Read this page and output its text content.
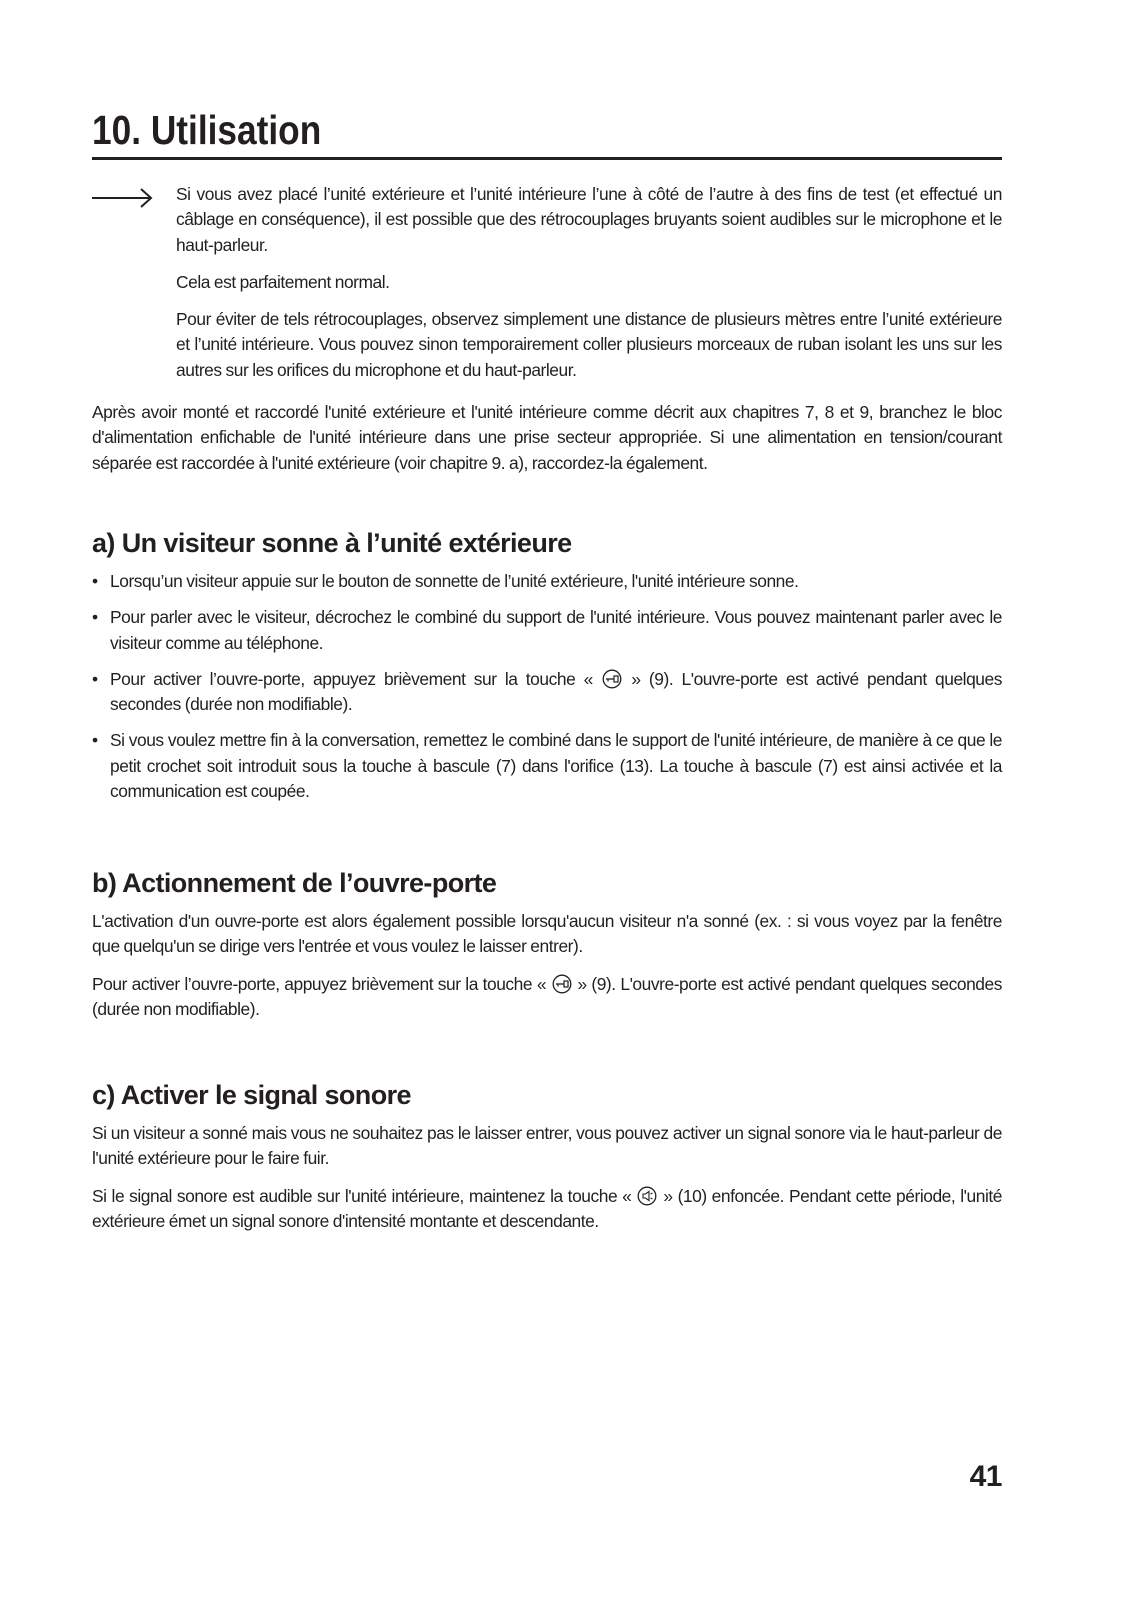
10. Utilisation

Si vous avez placé l’unité extérieure et l’unité intérieure l’une à côté de l’autre à des fins de test (et effectué un câblage en conséquence), il est possible que des rétrocouplages bruyants soient audibles sur le microphone et le haut-parleur.

Cela est parfaitement normal.

Pour éviter de tels rétrocouplages, observez simplement une distance de plusieurs mètres entre l’unité extérieure et l’unité intérieure. Vous pouvez sinon temporairement coller plusieurs morceaux de ruban isolant les uns sur les autres sur les orifices du microphone et du haut-parleur.

Après avoir monté et raccordé l'unité extérieure et l'unité intérieure comme décrit aux chapitres 7, 8 et 9, branchez le bloc d'alimentation enfichable de l'unité intérieure dans une prise secteur appropriée. Si une alimentation en tension/courant séparée est raccordée à l'unité extérieure (voir chapitre 9. a), raccordez-la également.

a) Un visiteur sonne à l’unité extérieure
• Lorsqu’un visiteur appuie sur le bouton de sonnette de l’unité extérieure, l'unité intérieure sonne.
• Pour parler avec le visiteur, décrochez le combiné du support de l'unité intérieure. Vous pouvez maintenant parler avec le visiteur comme au téléphone.
• Pour activer l’ouvre-porte, appuyez brièvement sur la touche « » (9). L'ouvre-porte est activé pendant quelques secondes (durée non modifiable).
• Si vous voulez mettre fin à la conversation, remettez le combiné dans le support de l'unité intérieure, de manière à ce que le petit crochet soit introduit sous la touche à bascule (7) dans l'orifice (13). La touche à bascule (7) est ainsi activée et la communication est coupée.
b) Actionnement de l’ouvre-porte

L'activation d'un ouvre-porte est alors également possible lorsqu'aucun visiteur n'a sonné (ex. : si vous voyez par la fenêtre que quelqu'un se dirige vers l'entrée et vous voulez le laisser entrer).

Pour activer l’ouvre-porte, appuyez brièvement sur la touche « » (9). L'ouvre-porte est activé pendant quelques secondes (durée non modifiable).

c) Activer le signal sonore

Si un visiteur a sonné mais vous ne souhaitez pas le laisser entrer, vous pouvez activer un signal sonore via le haut-parleur de l'unité extérieure pour le faire fuir.

Si le signal sonore est audible sur l'unité intérieure, maintenez la touche « » (10) enfoncée. Pendant cette période, l'unité extérieure émet un signal sonore d'intensité montante et descendante.

41
